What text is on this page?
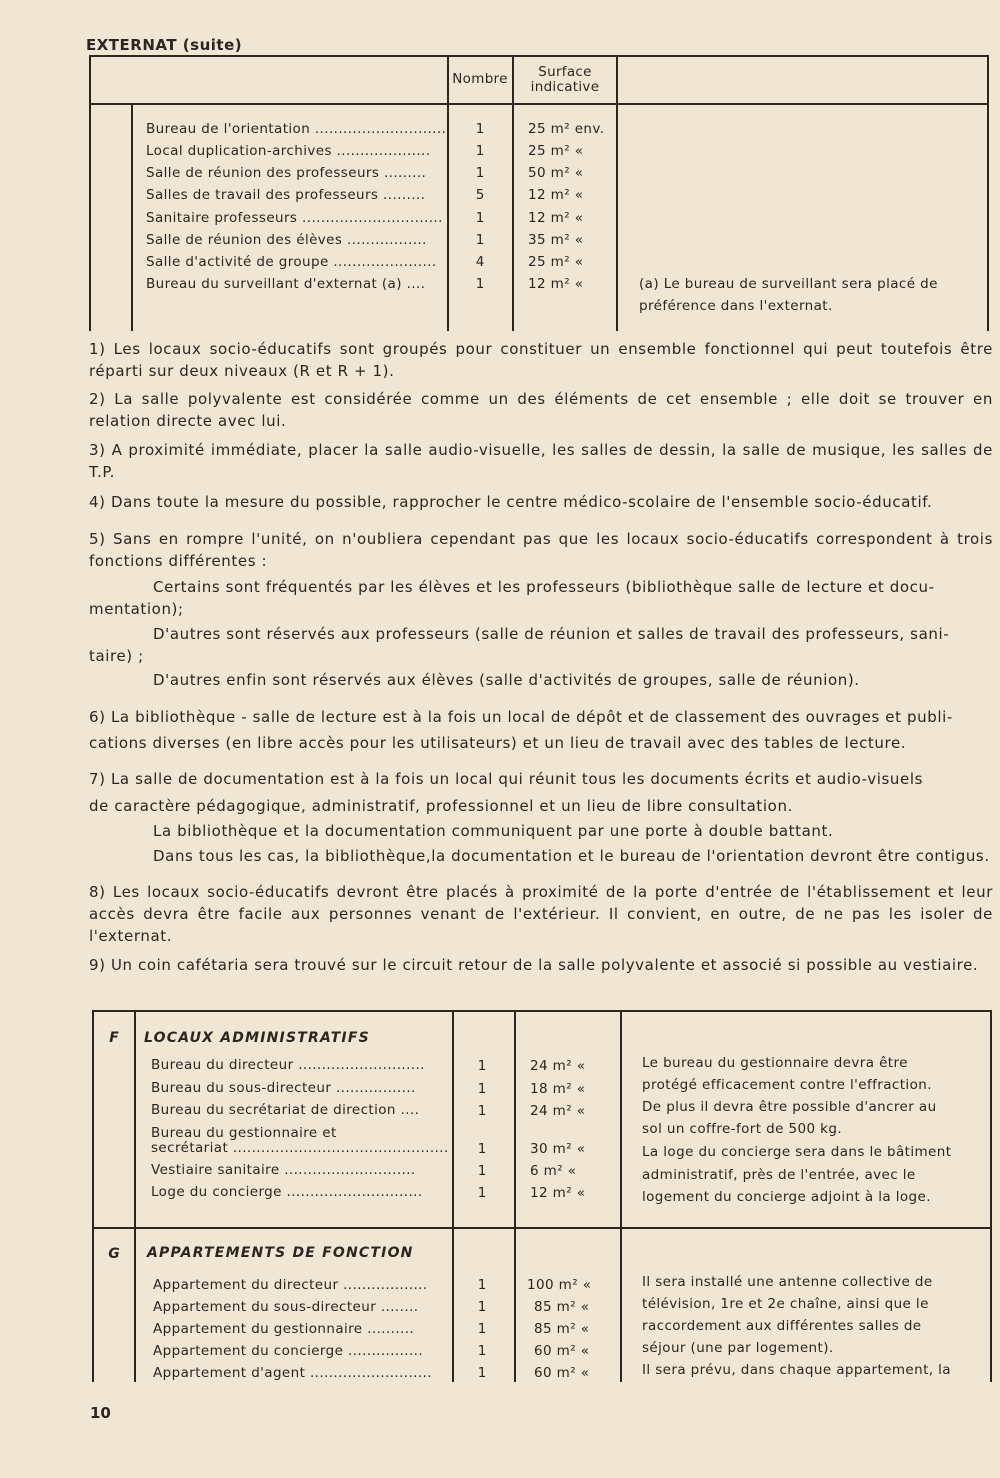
EXTERNAT (suite)
Nombre	Surface
indicative
Bureau de l'orientation ............................	1	25 m² env.
Local duplication-archives ....................	1	25 m² «
Salle de réunion des professeurs .........	1	50 m² «
Salles de travail des professeurs .........	5	12 m² «
Sanitaire professeurs ..............................	1	12 m² «
Salle de réunion des élèves .................	1	35 m² «
Salle d'activité de groupe ......................	4	25 m² «
Bureau du surveillant d'externat (a) ....	1	12 m² «	(a) Le bureau de surveillant sera placé de préférence dans l'externat.
1) Les locaux socio-éducatifs sont groupés pour constituer un ensemble fonctionnel qui peut toutefois être réparti sur deux niveaux (R et R + 1).
2) La salle polyvalente est considérée comme un des éléments de cet ensemble ; elle doit se trouver en relation directe avec lui.
3) A proximité immédiate, placer la salle audio-visuelle, les salles de dessin, la salle de musique, les salles de T.P.
4) Dans toute la mesure du possible, rapprocher le centre médico-scolaire de l'ensemble socio-éducatif.
5) Sans en rompre l'unité, on n'oubliera cependant pas que les locaux socio-éducatifs correspondent à trois fonctions différentes :
Certains sont fréquentés par les élèves et les professeurs (bibliothèque salle de lecture et docu-
mentation);
D'autres sont réservés aux professeurs (salle de réunion et salles de travail des professeurs, sani-
taire) ;
D'autres enfin sont réservés aux élèves (salle d'activités de groupes, salle de réunion).
6) La bibliothèque - salle de lecture est à la fois un local de dépôt et de classement des ouvrages et publi-
cations diverses (en libre accès pour les utilisateurs) et un lieu de travail avec des tables de lecture.
7) La salle de documentation est à la fois un local qui réunit tous les documents écrits et audio-visuels
de caractère pédagogique, administratif, professionnel et un lieu de libre consultation.
La bibliothèque et la documentation communiquent par une porte à double battant.
Dans tous les cas, la bibliothèque,la documentation et le bureau de l'orientation devront être contigus.
8) Les locaux socio-éducatifs devront être placés à proximité de la porte d'entrée de l'établissement et leur accès devra être facile aux personnes venant de l'extérieur. Il convient, en outre, de ne pas les isoler de l'externat.
9) Un coin cafétaria sera trouvé sur le circuit retour de la salle polyvalente et associé si possible au vestiaire.
F	LOCAUX ADMINISTRATIFS
Bureau du directeur ...........................	1	24 m² «
Bureau du sous-directeur .................	1	18 m² «
Bureau du secrétariat de direction ....	1	24 m² «
Bureau du gestionnaire et
secrétariat ..............................................	1	30 m² «
Vestiaire sanitaire ............................	1	6 m² «
Loge du concierge .............................	1	12 m² «
Le bureau du gestionnaire devra être
protégé efficacement contre l'effraction.
De plus il devra être possible d'ancrer au
sol un coffre-fort de 500 kg.
La loge du concierge sera dans le bâtiment
administratif, près de l'entrée, avec le
logement du concierge adjoint à la loge.
G	APPARTEMENTS DE FONCTION
Appartement du directeur ..................	1	100 m² «
Appartement du sous-directeur ........	1	85 m² «
Appartement du gestionnaire ..........	1	85 m² «
Appartement du concierge ................	1	60 m² «
Appartement d'agent ..........................	1	60 m² «
Il sera installé une antenne collective de
télévision, 1re et 2e chaîne, ainsi que le
raccordement aux différentes salles de
séjour (une par logement).
Il sera prévu, dans chaque appartement, la
10
